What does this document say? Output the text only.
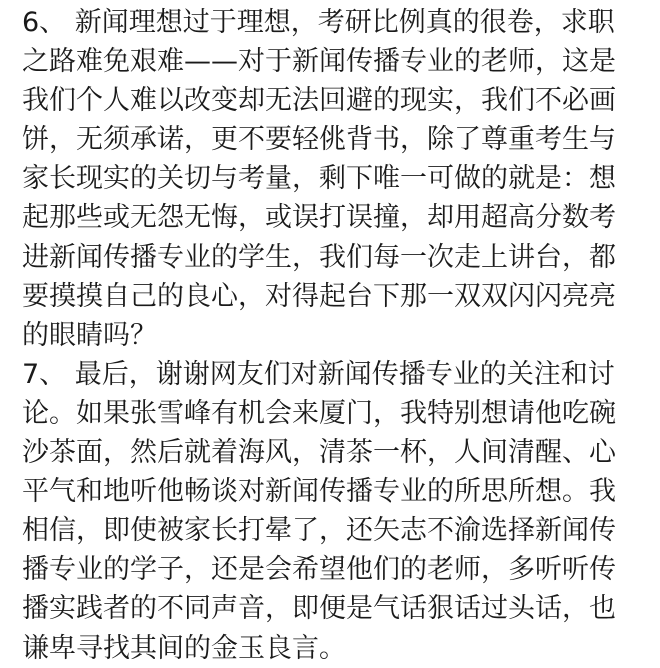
6、 新闻理想过于理想，考研比例真的很卷，求职
之路难免艰难——对于新闻传播专业的老师，这是
我们个人难以改变却无法回避的现实，我们不必画
饼，无须承诺，更不要轻佻背书，除了尊重考生与
家长现实的关切与考量，剩下唯一可做的就是：想
起那些或无怨无悔，或误打误撞，却用超高分数考
进新闻传播专业的学生，我们每一次走上讲台，都
要摸摸自己的良心，对得起台下那一双双闪闪亮亮
的眼睛吗？
7、 最后，谢谢网友们对新闻传播专业的关注和讨
论。如果张雪峰有机会来厦门，我特别想请他吃碗
沙茶面，然后就着海风，清茶一杯，人间清醒、心
平气和地听他畅谈对新闻传播专业的所思所想。我
相信，即使被家长打晕了，还矢志不渝选择新闻传
播专业的学子，还是会希望他们的老师，多听听传
播实践者的不同声音，即便是气话狠话过头话，也
谦卑寻找其间的金玉良言。
